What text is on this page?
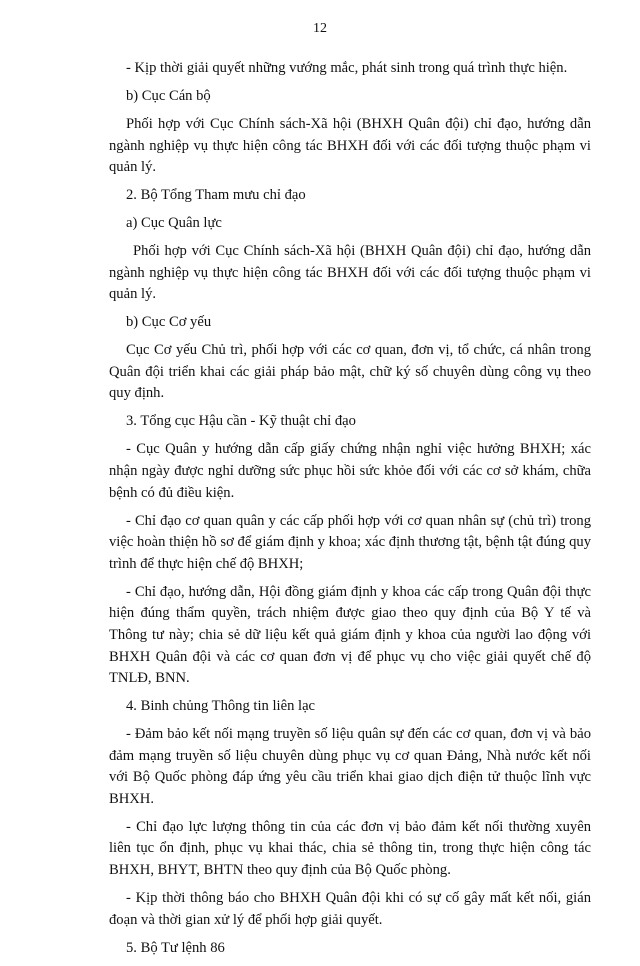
12

- Kịp thời giải quyết những vướng mắc, phát sinh trong quá trình thực hiện.

b) Cục Cán bộ

Phối hợp với Cục Chính sách-Xã hội (BHXH Quân đội) chỉ đạo, hướng dẫn ngành nghiệp vụ thực hiện công tác BHXH đối với các đối tượng thuộc phạm vi quản lý.

2. Bộ Tổng Tham mưu chỉ đạo

a) Cục Quân lực

Phối hợp với Cục Chính sách-Xã hội (BHXH Quân đội) chỉ đạo, hướng dẫn ngành nghiệp vụ thực hiện công tác BHXH đối với các đối tượng thuộc phạm vi quản lý.

b) Cục Cơ yếu

Cục Cơ yếu Chủ trì, phối hợp với các cơ quan, đơn vị, tổ chức, cá nhân trong Quân đội triển khai các giải pháp bảo mật, chữ ký số chuyên dùng công vụ theo quy định.

3. Tổng cục Hậu cần - Kỹ thuật chỉ đạo

- Cục Quân y hướng dẫn cấp giấy chứng nhận nghỉ việc hưởng BHXH; xác nhận ngày được nghỉ dưỡng sức phục hồi sức khỏe đối với các cơ sở khám, chữa bệnh có đủ điều kiện.

- Chỉ đạo cơ quan quân y các cấp phối hợp với cơ quan nhân sự (chủ trì) trong việc hoàn thiện hồ sơ để giám định y khoa; xác định thương tật, bệnh tật đúng quy trình để thực hiện chế độ BHXH;

- Chỉ đạo, hướng dẫn, Hội đồng giám định y khoa các cấp trong Quân đội thực hiện đúng thẩm quyền, trách nhiệm được giao theo quy định của Bộ Y tế và Thông tư này; chia sẻ dữ liệu kết quả giám định y khoa của người lao động với BHXH Quân đội và các cơ quan đơn vị để phục vụ cho việc giải quyết chế độ TNLĐ, BNN.

4. Binh chủng Thông tin liên lạc

- Đảm bảo kết nối mạng truyền số liệu quân sự đến các cơ quan, đơn vị và bảo đảm mạng truyền số liệu chuyên dùng phục vụ cơ quan Đảng, Nhà nước kết nối với Bộ Quốc phòng đáp ứng yêu cầu triển khai giao dịch điện tử thuộc lĩnh vực BHXH.

- Chỉ đạo lực lượng thông tin của các đơn vị bảo đảm kết nối thường xuyên liên tục ổn định, phục vụ khai thác, chia sẻ thông tin, trong thực hiện công tác BHXH, BHYT, BHTN theo quy định của Bộ Quốc phòng.

- Kịp thời thông báo cho BHXH Quân đội khi có sự cố gây mất kết nối, gián đoạn và thời gian xử lý để phối hợp giải quyết.

5. Bộ Tư lệnh 86
